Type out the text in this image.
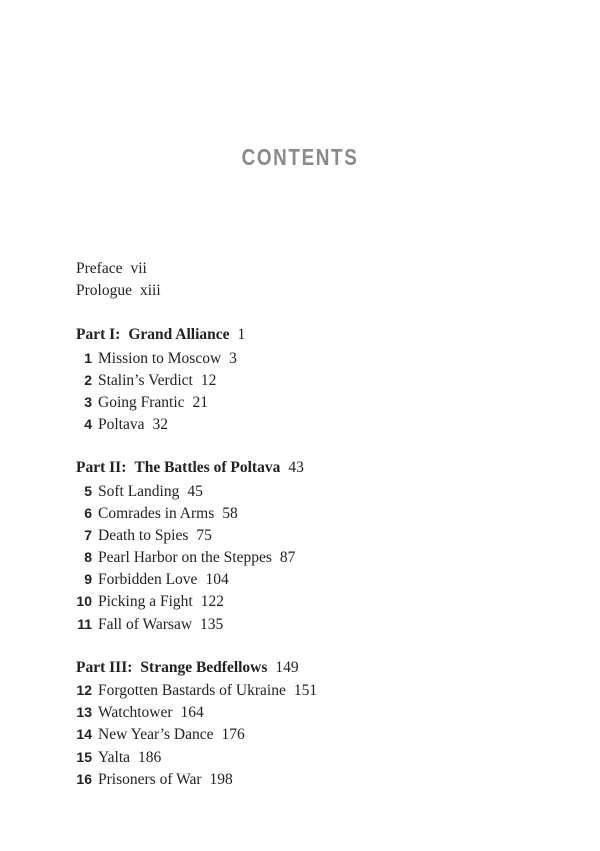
CONTENTS
Preface vii
Prologue xiii
Part I: Grand Alliance 1
1 Mission to Moscow 3
2 Stalin’s Verdict 12
3 Going Frantic 21
4 Poltava 32
Part II: The Battles of Poltava 43
5 Soft Landing 45
6 Comrades in Arms 58
7 Death to Spies 75
8 Pearl Harbor on the Steppes 87
9 Forbidden Love 104
10 Picking a Fight 122
11 Fall of Warsaw 135
Part III: Strange Bedfellows 149
12 Forgotten Bastards of Ukraine 151
13 Watchtower 164
14 New Year’s Dance 176
15 Yalta 186
16 Prisoners of War 198
